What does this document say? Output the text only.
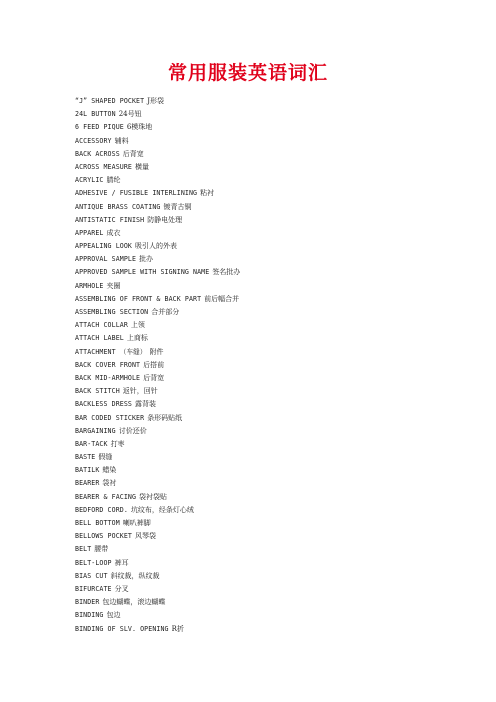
常用服装英语词汇
“J” SHAPED POCKET J形袋
24L BUTTON 24号钮
6 FEED PIQUE 6模珠地
ACCESSORY 辅料
BACK ACROSS 后背宽
ACROSS MEASURE 横量
ACRYLIC 腈纶
ADHESIVE / FUSIBLE INTERLINING 粘衬
ANTIQUE BRASS COATING 镀青古铜
ANTISTATIC FINISH 防静电处理
APPAREL 成衣
APPEALING LOOK 吸引人的外表
APPROVAL SAMPLE 批办
APPROVED SAMPLE WITH SIGNING NAME 签名批办
ARMHOLE 夹圈
ASSEMBLING OF FRONT & BACK PART 前后幅合并
ASSEMBLING SECTION 合并部分
ATTACH COLLAR 上领
ATTACH LABEL 上商标
ATTACHMENT （车缝） 附件
BACK COVER FRONT 后搭前
BACK MID-ARMHOLE 后背宽
BACK STITCH 返针，回针
BACKLESS DRESS 露背装
BAR CODED STICKER 条形码贴纸
BARGAINING 讨价还价
BAR-TACK 打枣
BASTE 假缝
BATILK 蜡染
BEARER 袋衬
BEARER & FACING 袋衬袋贴
BEDFORD CORD. 坑纹布，经条灯心绒
BELL BOTTOM 喇叭裤脚
BELLOWS POCKET 风琴袋
BELT 腰带
BELT-LOOP 裤耳
BIAS CUT 斜纹裁，纵纹裁
BIFURCATE 分叉
BINDER 包边蝴蝶，滚边蝴蝶
BINDING 包边
BINDING OF SLV. OPENING R折
